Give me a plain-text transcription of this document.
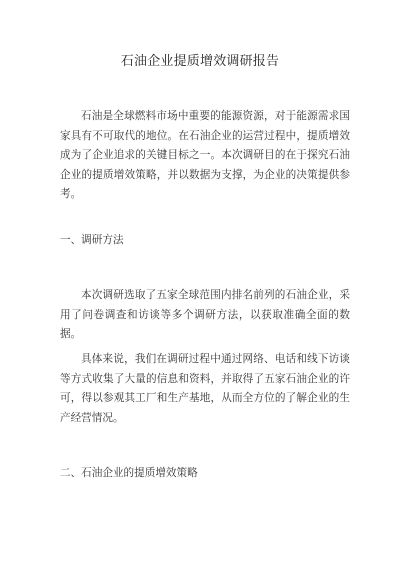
石油企业提质增效调研报告

石油是全球燃料市场中重要的能源资源，对于能源需求国家具有不可取代的地位。在石油企业的运营过程中，提质增效成为了企业追求的关键目标之一。本次调研目的在于探究石油企业的提质增效策略，并以数据为支撑，为企业的决策提供参考。

一、调研方法

本次调研选取了五家全球范围内排名前列的石油企业，采用了问卷调查和访谈等多个调研方法，以获取准确全面的数据。

具体来说，我们在调研过程中通过网络、电话和线下访谈等方式收集了大量的信息和资料，并取得了五家石油企业的许可，得以参观其工厂和生产基地，从而全方位的了解企业的生产经营情况。

二、石油企业的提质增效策略
